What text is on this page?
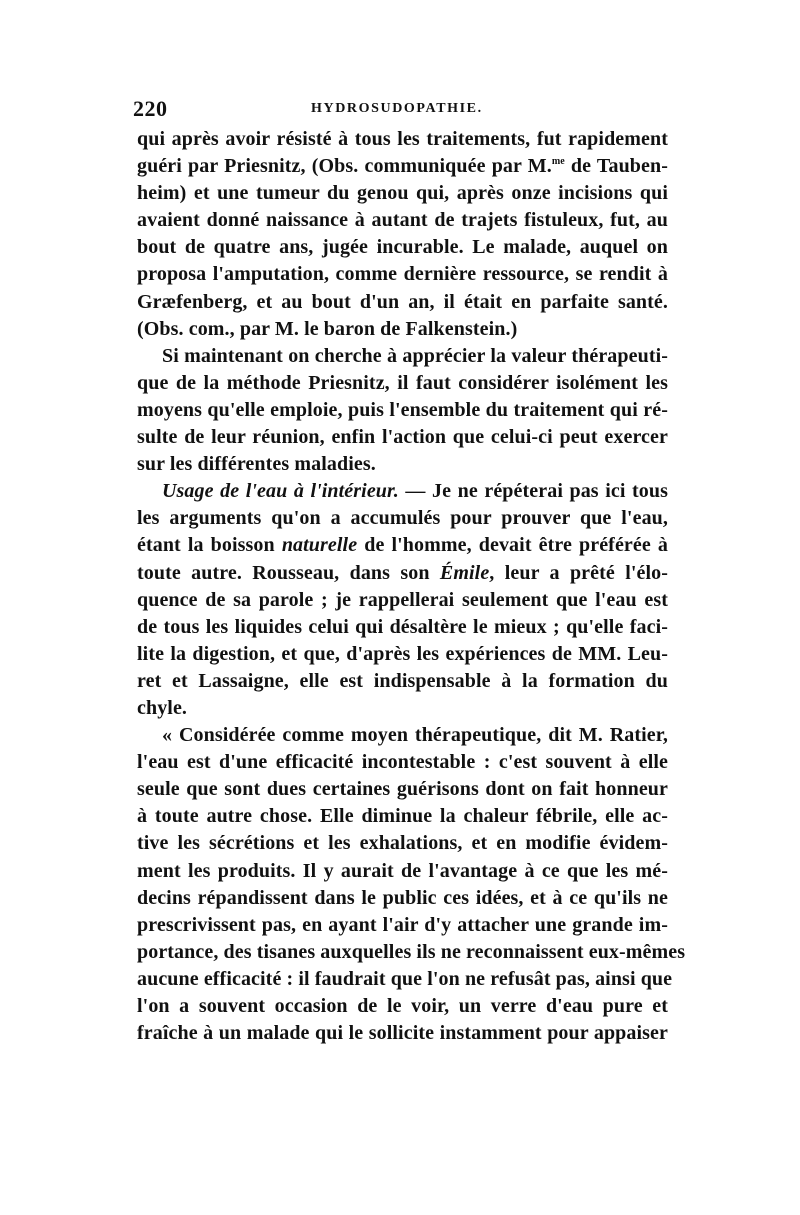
220	HYDROSUDOPATHIE.
qui après avoir résisté à tous les traitements, fut rapidement
guéri par Priesnitz, (Obs. communiquée par M.$^{me}$ de Tauben-
heim) et une tumeur du genou qui, après onze incisions qui
avaient donné naissance à autant de trajets fistuleux, fut, au
bout de quatre ans, jugée incurable. Le malade, auquel on
proposa l'amputation, comme dernière ressource, se rendit à
Græfenberg, et au bout d'un an, il était en parfaite santé.
(Obs. com., par M. le baron de Falkenstein.)
Si maintenant on cherche à apprécier la valeur thérapeuti-
que de la méthode Priesnitz, il faut considérer isolément les
moyens qu'elle emploie, puis l'ensemble du traitement qui ré-
sulte de leur réunion, enfin l'action que celui-ci peut exercer
sur les différentes maladies.
Usage de l'eau à l'intérieur. — Je ne répéterai pas ici tous
les arguments qu'on a accumulés pour prouver que l'eau,
étant la boisson naturelle de l'homme, devait être préférée à
toute autre. Rousseau, dans son Émile, leur a prêté l'élo-
quence de sa parole ; je rappellerai seulement que l'eau est
de tous les liquides celui qui désaltère le mieux ; qu'elle faci-
lite la digestion, et que, d'après les expériences de MM. Leu-
ret et Lassaigne, elle est indispensable à la formation du
chyle.
« Considérée comme moyen thérapeutique, dit M. Ratier,
l'eau est d'une efficacité incontestable : c'est souvent à elle
seule que sont dues certaines guérisons dont on fait honneur
à toute autre chose. Elle diminue la chaleur fébrile, elle ac-
tive les sécrétions et les exhalations, et en modifie évidem-
ment les produits. Il y aurait de l'avantage à ce que les mé-
decins répandissent dans le public ces idées, et à ce qu'ils ne
prescrivissent pas, en ayant l'air d'y attacher une grande im-
portance, des tisanes auxquelles ils ne reconnaissent eux-mêmes
aucune efficacité : il faudrait que l'on ne refusât pas, ainsi que
l'on a souvent occasion de le voir, un verre d'eau pure et
fraîche à un malade qui le sollicite instamment pour appaiser
